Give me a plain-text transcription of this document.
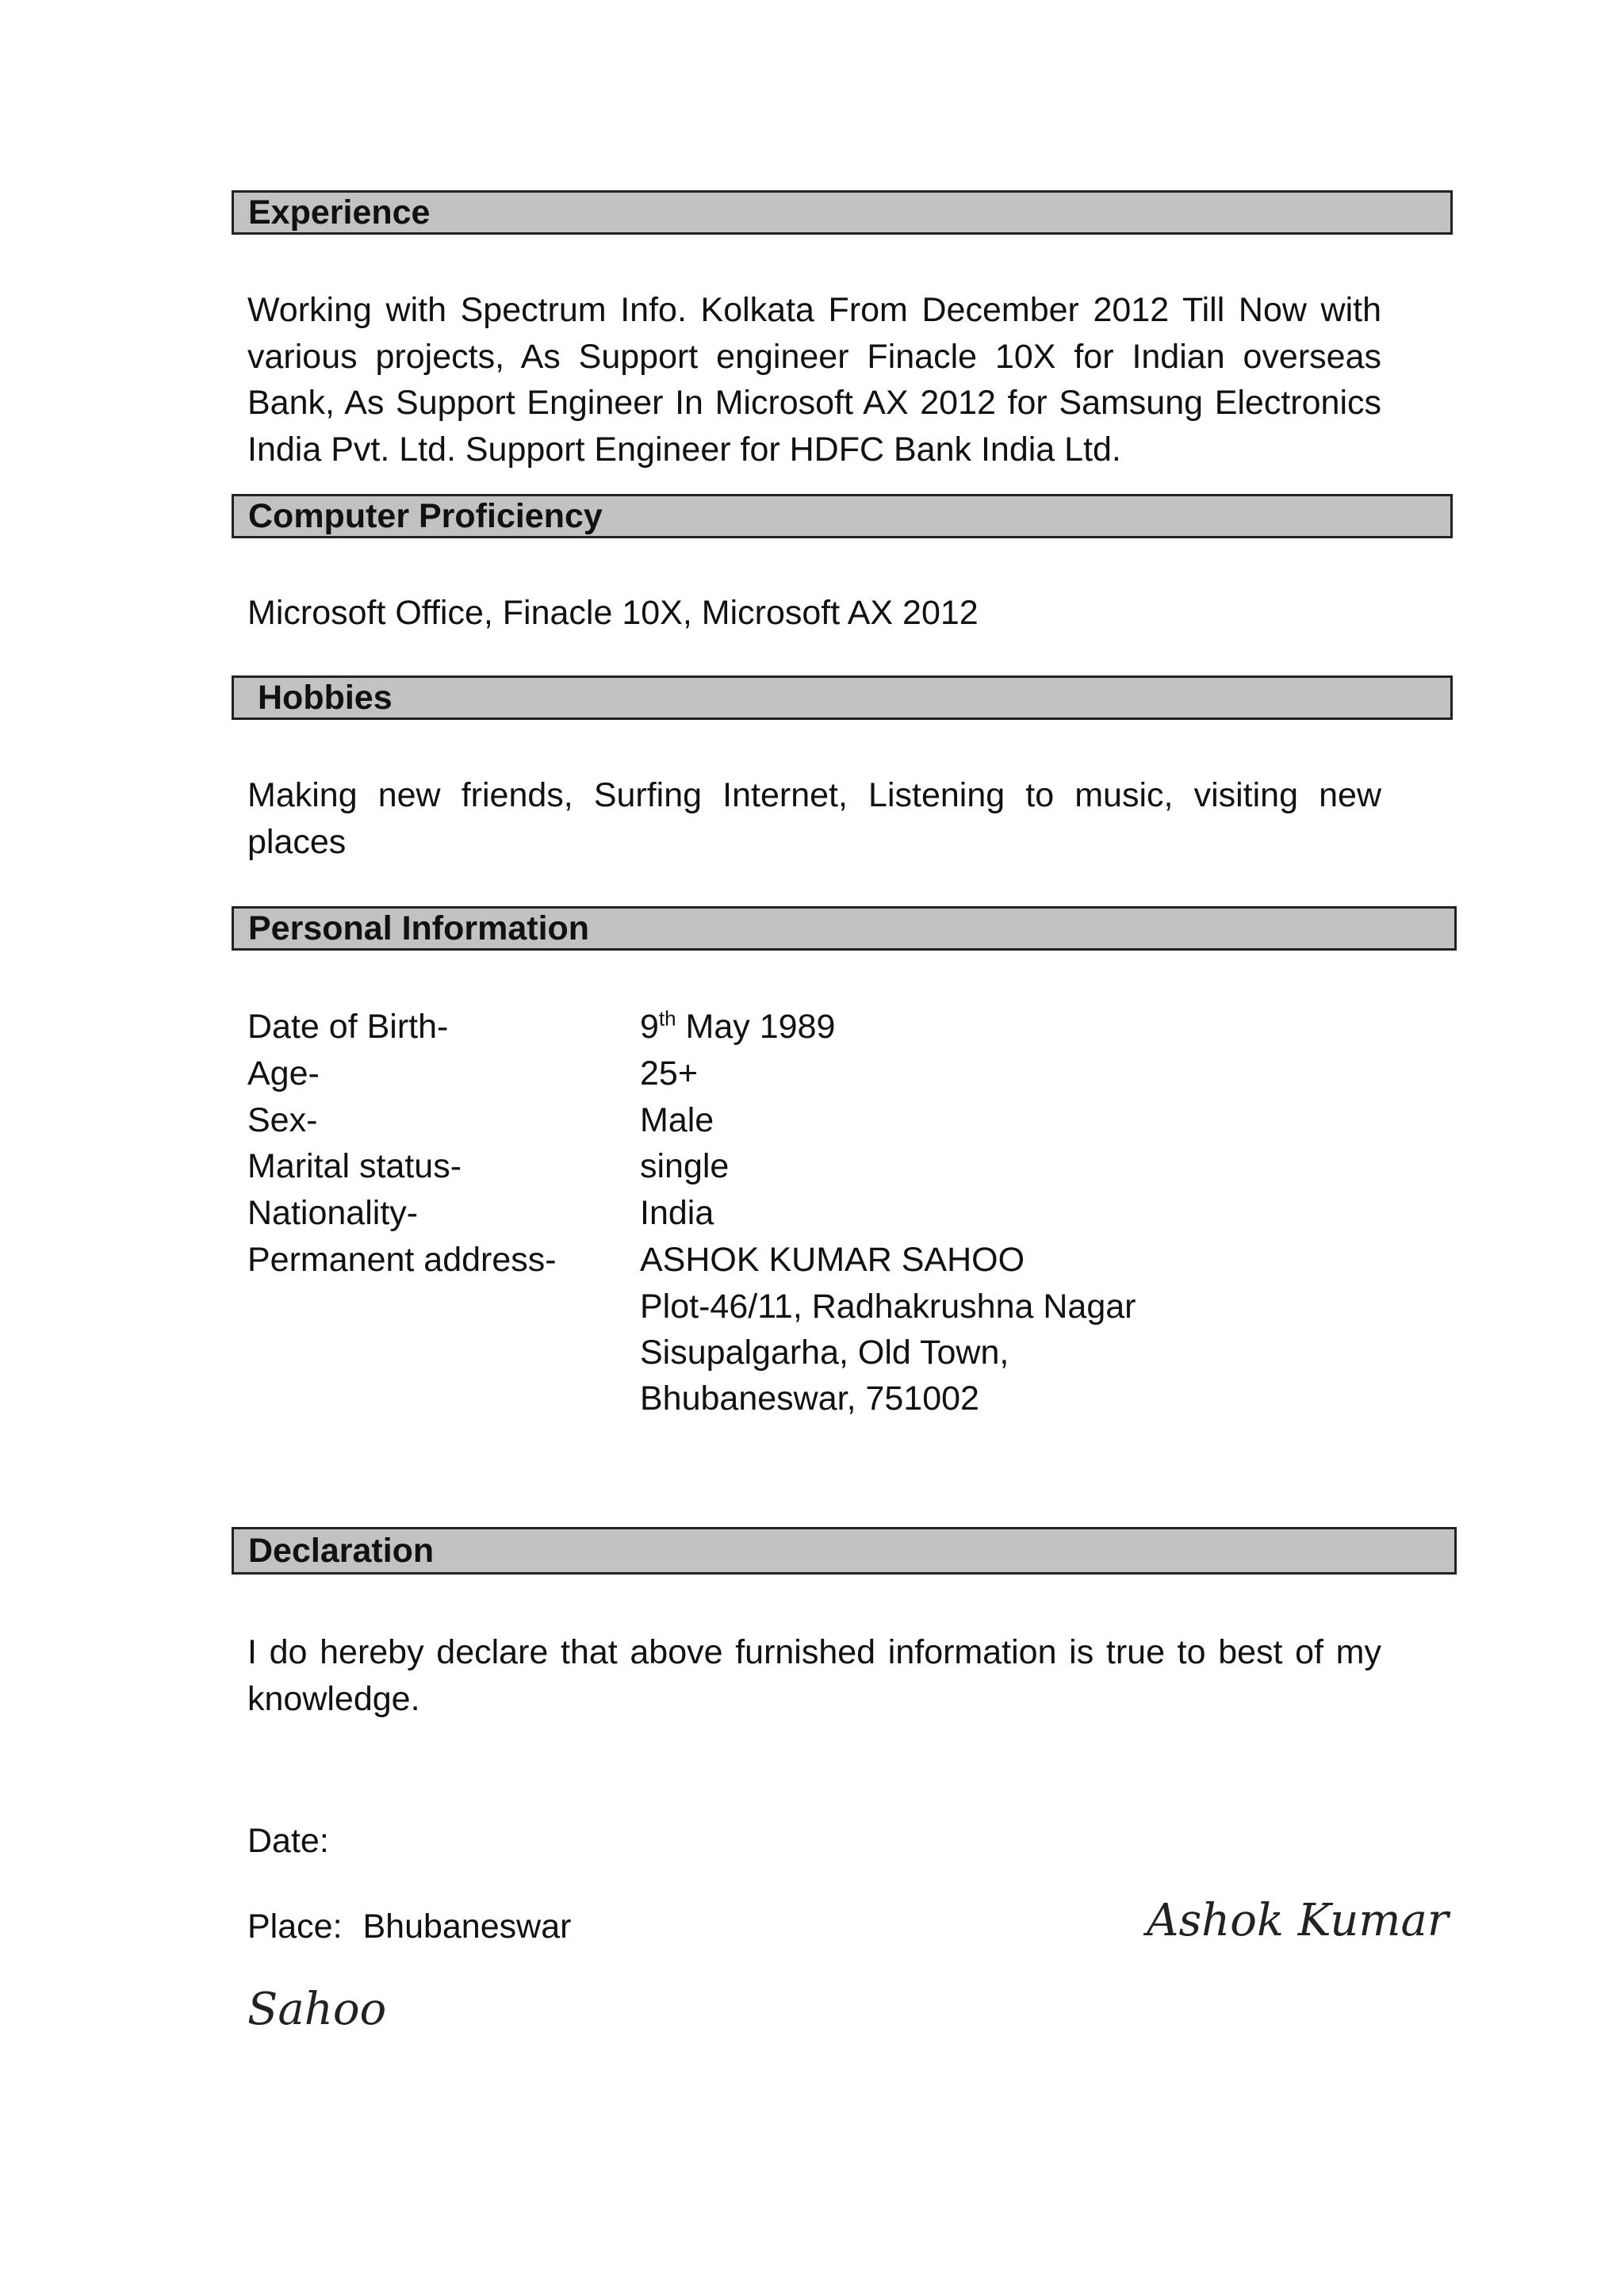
Experience
Working with Spectrum Info. Kolkata From December 2012 Till Now with various projects, As Support engineer Finacle 10X for Indian overseas Bank, As Support Engineer In Microsoft AX 2012 for Samsung Electronics India Pvt. Ltd. Support Engineer for HDFC Bank India Ltd.
Computer Proficiency
Microsoft Office, Finacle 10X, Microsoft AX 2012
Hobbies
Making new friends, Surfing Internet, Listening to music, visiting new places
Personal Information
Date of Birth-	9th May 1989
Age-	25+
Sex-	Male
Marital status-	single
Nationality-	India
Permanent address- ASHOK KUMAR SAHOO
Plot-46/11, Radhakrushna Nagar
Sisupalgarha, Old Town,
Bhubaneswar, 751002
Declaration
I do hereby declare that above furnished information is true to best of my knowledge.
Date:
Place: Bhubaneswar	Ashok Kumar
Sahoo
